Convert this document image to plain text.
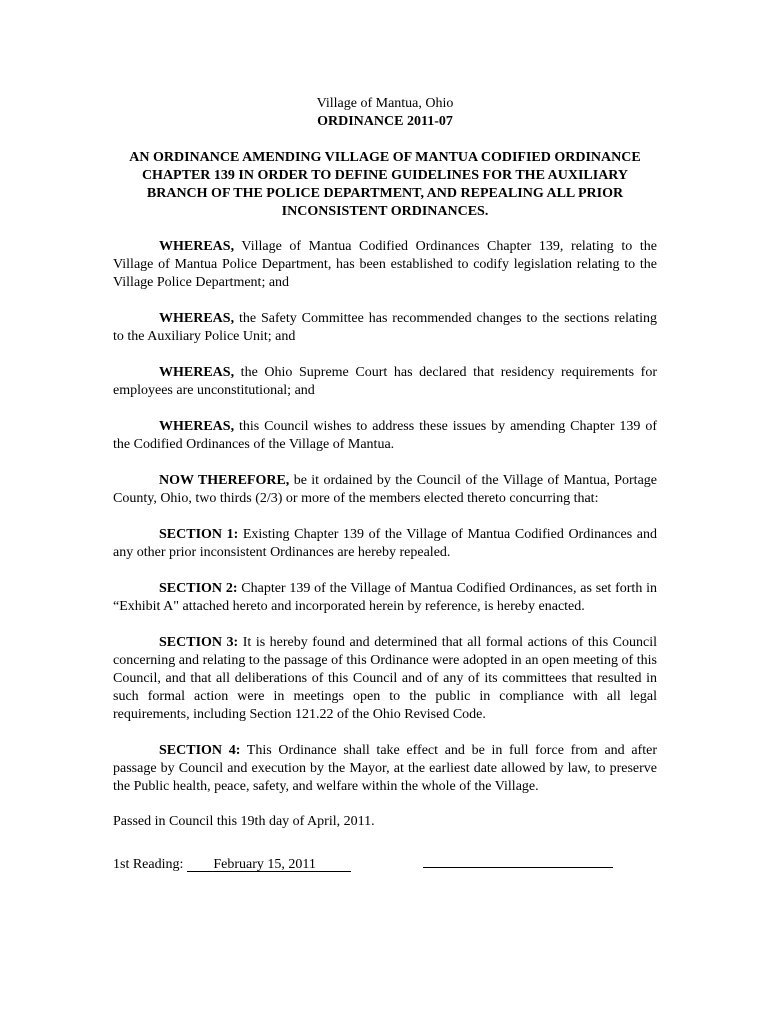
Village of Mantua, Ohio
ORDINANCE 2011-07
AN ORDINANCE AMENDING VILLAGE OF MANTUA CODIFIED ORDINANCE CHAPTER 139 IN ORDER TO DEFINE GUIDELINES FOR THE AUXILIARY BRANCH OF THE POLICE DEPARTMENT, AND REPEALING ALL PRIOR INCONSISTENT ORDINANCES.

WHEREAS, Village of Mantua Codified Ordinances Chapter 139, relating to the Village of Mantua Police Department, has been established to codify legislation relating to the Village Police Department; and

WHEREAS, the Safety Committee has recommended changes to the sections relating to the Auxiliary Police Unit; and

WHEREAS, the Ohio Supreme Court has declared that residency requirements for employees are unconstitutional; and

WHEREAS, this Council wishes to address these issues by amending Chapter 139 of the Codified Ordinances of the Village of Mantua.

NOW THEREFORE, be it ordained by the Council of the Village of Mantua, Portage County, Ohio, two thirds (2/3) or more of the members elected thereto concurring that:

SECTION 1: Existing Chapter 139 of the Village of Mantua Codified Ordinances and any other prior inconsistent Ordinances are hereby repealed.

SECTION 2: Chapter 139 of the Village of Mantua Codified Ordinances, as set forth in “Exhibit A" attached hereto and incorporated herein by reference, is hereby enacted.

SECTION 3: It is hereby found and determined that all formal actions of this Council concerning and relating to the passage of this Ordinance were adopted in an open meeting of this Council, and that all deliberations of this Council and of any of its committees that resulted in such formal action were in meetings open to the public in compliance with all legal requirements, including Section 121.22 of the Ohio Revised Code.

SECTION 4: This Ordinance shall take effect and be in full force from and after passage by Council and execution by the Mayor, at the earliest date allowed by law, to preserve the Public health, peace, safety, and welfare within the whole of the Village.

Passed in Council this 19th day of April, 2011.

1st Reading:	February 15, 2011
